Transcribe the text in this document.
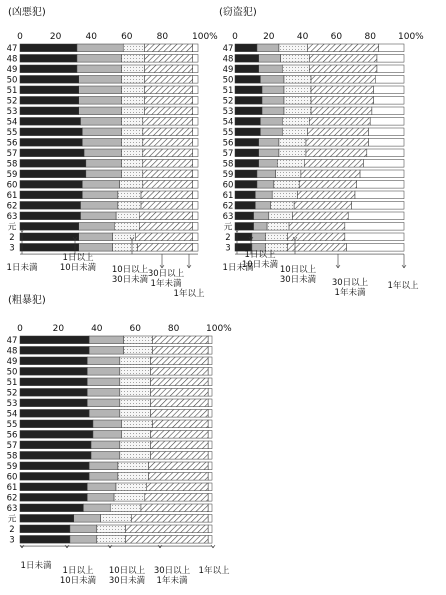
(凶悪犯)
0	20	40	60	80	100%
47
48
49
50
51
52
53
54
55
56
57
58
59
60
61
62
63
元
2
3
1日未満
1日以上
10日未満 10日以上
30日未満
30日以上
1年未満
1年以上
(窃盗犯)
0	20 40 60 80 100%
47
48
49
50
51
52
53
54
55
56
57
58
59
60
61
62
63
元
2
3
1日未満
1日以上
10日未満 10日以上
30日未満 30日以上
1年未満
1年以上
(粗暴犯)
0	20	40	60	80	100%
47
48
49
50
51
52
53
54
55
56
57
58
59
60
61
62
63
元
2
3
1日未満 1日以上
10日未満
10日以上
30日未満
30日以上
1年未満
1年以上
